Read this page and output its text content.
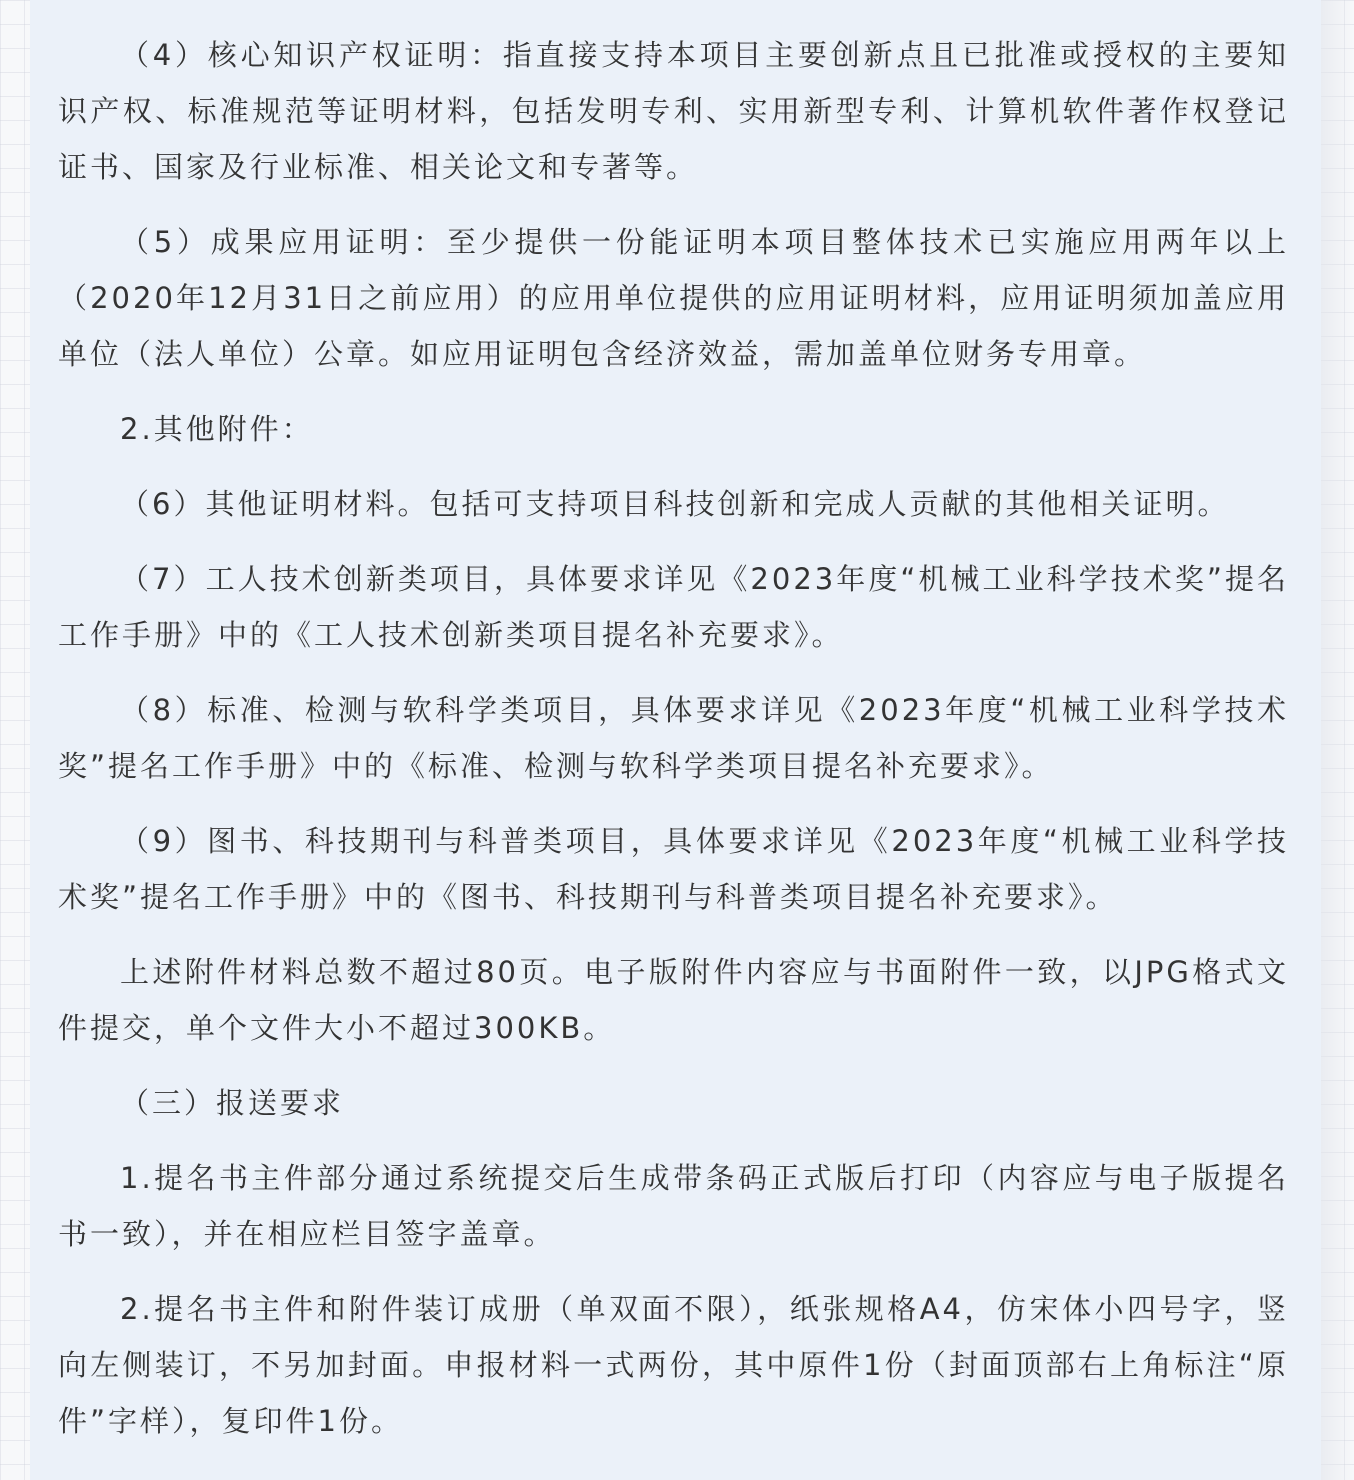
（4）核心知识产权证明：指直接支持本项目主要创新点且已批准或授权的主要知识产权、标准规范等证明材料，包括发明专利、实用新型专利、计算机软件著作权登记证书、国家及行业标准、相关论文和专著等。

（5）成果应用证明：至少提供一份能证明本项目整体技术已实施应用两年以上（2020年12月31日之前应用）的应用单位提供的应用证明材料，应用证明须加盖应用单位（法人单位）公章。如应用证明包含经济效益，需加盖单位财务专用章。

2.其他附件：

（6）其他证明材料。包括可支持项目科技创新和完成人贡献的其他相关证明。

（7）工人技术创新类项目，具体要求详见《2023年度“机械工业科学技术奖”提名工作手册》中的《工人技术创新类项目提名补充要求》。

（8）标准、检测与软科学类项目，具体要求详见《2023年度“机械工业科学技术奖”提名工作手册》中的《标准、检测与软科学类项目提名补充要求》。

（9）图书、科技期刊与科普类项目，具体要求详见《2023年度“机械工业科学技术奖”提名工作手册》中的《图书、科技期刊与科普类项目提名补充要求》。

上述附件材料总数不超过80页。电子版附件内容应与书面附件一致，以JPG格式文件提交，单个文件大小不超过300KB。

（三）报送要求

1.提名书主件部分通过系统提交后生成带条码正式版后打印（内容应与电子版提名书一致），并在相应栏目签字盖章。

2.提名书主件和附件装订成册（单双面不限），纸张规格A4，仿宋体小四号字，竖向左侧装订，不另加封面。申报材料一式两份，其中原件1份（封面顶部右上角标注“原件”字样），复印件1份。
